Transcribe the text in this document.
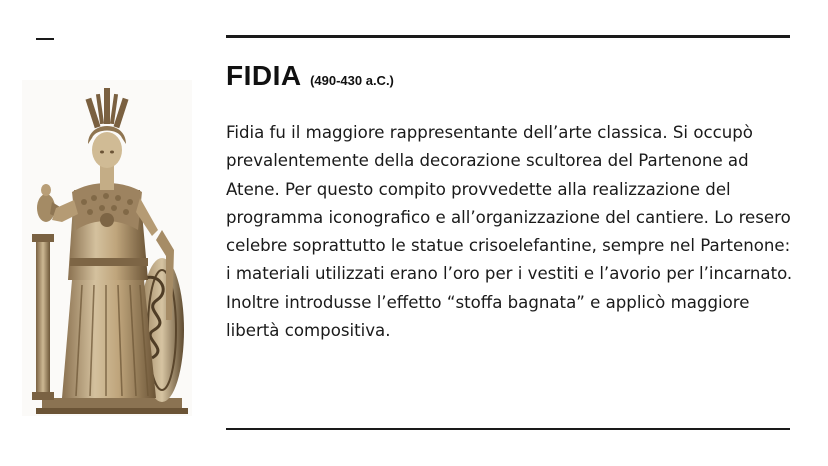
FIDIA (490-430 a.C.)

Fidia fu il maggiore rappresentante dell’arte classica. Si occupò prevalentemente della decorazione scultorea del Partenone ad Atene. Per questo compito provvedette alla realizzazione del programma iconografico e all’organizzazione del cantiere. Lo resero celebre soprattutto le statue crisoelefantine, sempre nel Partenone: i materiali utilizzati erano l’oro per i vestiti e l’avorio per l’incarnato. Inoltre introdusse l’effetto “stoffa bagnata” e applicò maggiore libertà compositiva.
